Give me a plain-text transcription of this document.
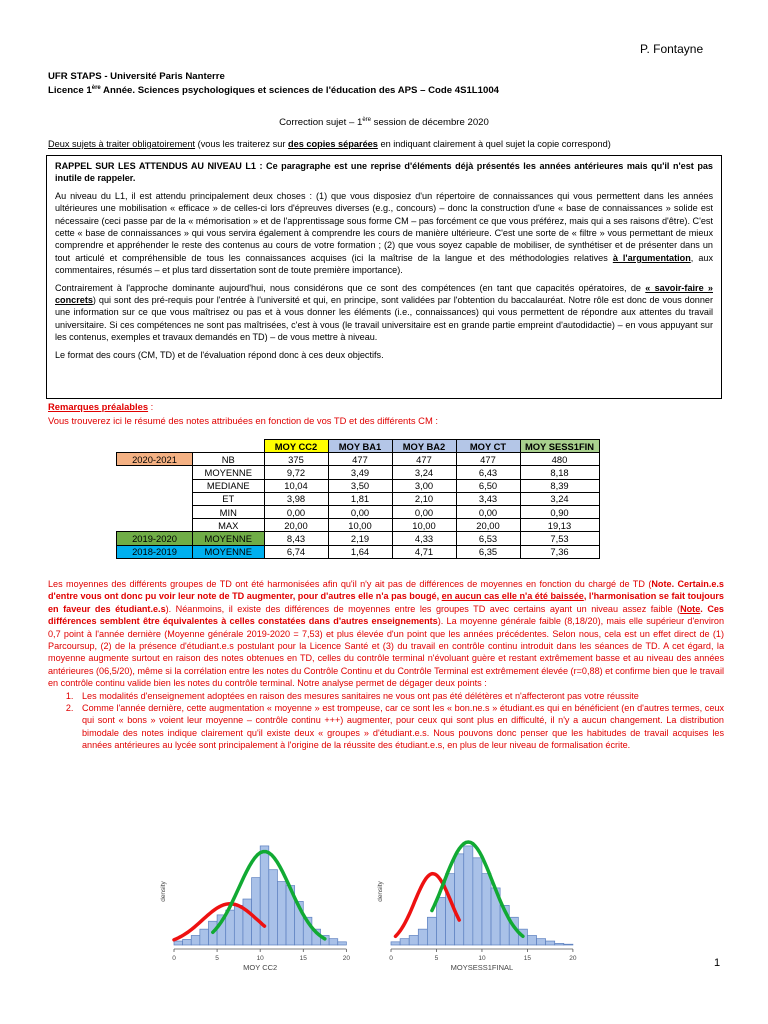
P. Fontayne
UFR STAPS - Université Paris Nanterre
Licence 1ère Année. Sciences psychologiques et sciences de l'éducation des APS – Code 4S1L1004
Correction sujet – 1ère session de décembre 2020
Deux sujets à traiter obligatoirement (vous les traiterez sur des copies séparées en indiquant clairement à quel sujet la copie correspond)

RAPPEL SUR LES ATTENDUS AU NIVEAU L1 : Ce paragraphe est une reprise d'éléments déjà présentés les années antérieures mais qu'il n'est pas inutile de rappeler.

Au niveau du L1, il est attendu principalement deux choses : (1) que vous disposiez d'un répertoire de connaissances qui vous permettent dans les années ultérieures une mobilisation « efficace » de celles-ci lors d'épreuves diverses (e.g., concours) – donc la construction d'une « base de connaissances » solide est nécessaire (ceci passe par de la « mémorisation » et de l'apprentissage sous forme CM – pas forcément ce que vous préférez, mais qui a ses raisons d'être). C'est cette « base de connaissances » qui vous servira également à comprendre les cours de manière ultérieure. C'est une sorte de « filtre » vous permettant de mieux comprendre et appréhender le reste des contenus au cours de votre formation ; (2) que vous soyez capable de mobiliser, de synthétiser et de présenter dans un tout articulé et compréhensible de tous les connaissances acquises (ici la maîtrise de la langue et des méthodologies relatives à l'argumentation, aux commentaires, résumés – et plus tard dissertation sont de toute première importance).

Contrairement à l'approche dominante aujourd'hui, nous considérons que ce sont des compétences (en tant que capacités opératoires, de « savoir-faire » concrets) qui sont des pré-requis pour l'entrée à l'université et qui, en principe, sont validées par l'obtention du baccalauréat. Notre rôle est donc de vous donner une information sur ce que vous maîtrisez ou pas et à vous donner les éléments (i.e., connaissances) qui vous permettent de répondre aux attentes du travail universitaire. Si ces compétences ne sont pas maîtrisées, c'est à vous (le travail universitaire est en grande partie empreint d'autodidactie) – en vous appuyant sur les contenus, exemples et travaux demandés en TD) – de vous mettre à niveau.

Le format des cours (CM, TD) et de l'évaluation répond donc à ces deux objectifs.

Remarques préalables :
Vous trouverez ici le résumé des notes attribuées en fonction de vos TD et des différents CM :
		MOY CC2	MOY BA1	MOY BA2	MOY CT	MOY SESS1FIN
2020-2021	NB	375	477	477	477	480
	MOYENNE	9,72	3,49	3,24	6,43	8,18
	MEDIANE	10,04	3,50	3,00	6,50	8,39
	ET	3,98	1,81	2,10	3,43	3,24
	MIN	0,00	0,00	0,00	0,00	0,90
	MAX	20,00	10,00	10,00	20,00	19,13
2019-2020	MOYENNE	8,43	2,19	4,33	6,53	7,53
2018-2019	MOYENNE	6,74	1,64	4,71	6,35	7,36

Les moyennes des différents groupes de TD ont été harmonisées afin qu'il n'y ait pas de différences de moyennes en fonction du chargé de TD (Note. Certain.e.s d'entre vous ont donc pu voir leur note de TD augmenter, pour d'autres elle n'a pas bougé, en aucun cas elle n'a été baissée, l'harmonisation se fait toujours en faveur des étudiant.e.s). Néanmoins, il existe des différences de moyennes entre les groupes TD avec certains ayant un niveau assez faible (Note. Ces différences semblent être équivalentes à celles constatées dans d'autres enseignements). La moyenne générale faible (8,18/20), mais elle supérieur d'environ 0,7 point à l'année dernière (Moyenne générale 2019-2020 = 7,53) et plus élevée d'un point que les années précédentes. Selon nous, cela est un effet direct de (1) Parcoursup, (2) de la présence d'étudiant.e.s postulant pour la Licence Santé et (3) du travail en contrôle continu introduit dans les séances de TD. A cet égard, la moyenne augmente surtout en raison des notes obtenues en TD, celles du contrôle terminal n'évoluant guère et restant extrêmement basse et au niveau des années antérieures (06,5/20), même si la corrélation entre les notes du Contrôle Continu et du Contrôle Terminal est extrêmement élevée (r=0,88) et confirme bien que le travail en contrôle continu valide bien les notes du contrôle terminal. Notre analyse permet de dégager deux points :

1. Les modalités d'enseignement adoptées en raison des mesures sanitaires ne vous ont pas été délétères et n'affecteront pas votre réussite
2. Comme l'année dernière, cette augmentation « moyenne » est trompeuse, car ce sont les « bon.ne.s » étudiant.es qui en bénéficient (en d'autres termes, ceux qui sont « bons » voient leur moyenne – contrôle continu +++) augmenter, pour ceux qui sont plus en difficulté, il n'y a aucun changement. La distribution bimodale des notes indique clairement qu'il existe deux « groupes » d'étudiant.e.s. Nous pouvons donc penser que les habitudes de travail acquises les années antérieures au lycée sont principalement à l'origine de la réussite des étudiant.e.s, en plus de leur niveau de formalisation écrite.
0	5	10	15	20
MOY CC2
density
0	5	10	15	20
MOYSESS1FINAL
density
1
